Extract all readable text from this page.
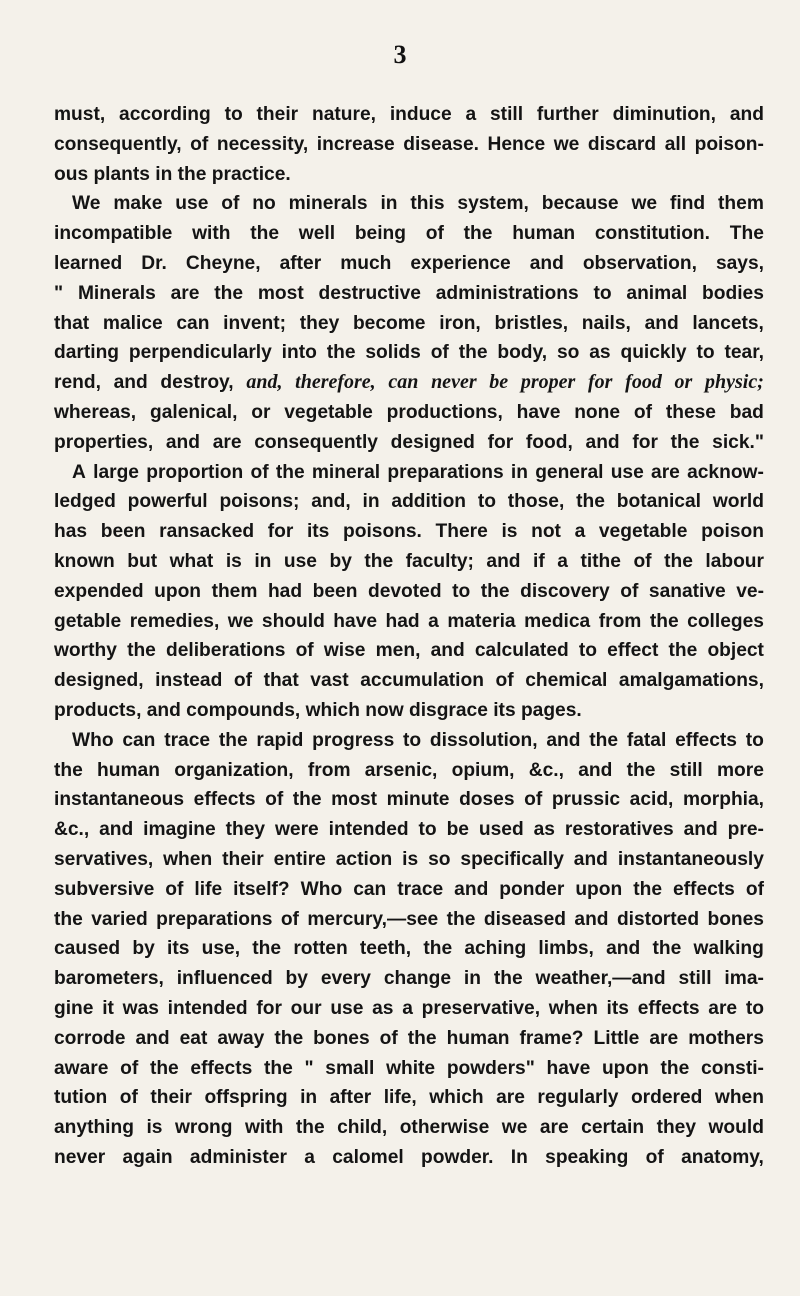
3
must, according to their nature, induce a still further diminution, and
consequently, of necessity, increase disease. Hence we discard all poison-
ous plants in the practice.
We make use of no minerals in this system, because we find them
incompatible with the well being of the human constitution. The
learned Dr. Cheyne, after much experience and observation, says,
" Minerals are the most destructive administrations to animal bodies
that malice can invent; they become iron, bristles, nails, and lancets,
darting perpendicularly into the solids of the body, so as quickly to tear,
rend, and destroy, and, therefore, can never be proper for food or physic;
whereas, galenical, or vegetable productions, have none of these bad
properties, and are consequently designed for food, and for the sick."
A large proportion of the mineral preparations in general use are acknow-
ledged powerful poisons; and, in addition to those, the botanical world
has been ransacked for its poisons. There is not a vegetable poison
known but what is in use by the faculty; and if a tithe of the labour
expended upon them had been devoted to the discovery of sanative ve-
getable remedies, we should have had a materia medica from the colleges
worthy the deliberations of wise men, and calculated to effect the object
designed, instead of that vast accumulation of chemical amalgamations,
products, and compounds, which now disgrace its pages.
Who can trace the rapid progress to dissolution, and the fatal effects to
the human organization, from arsenic, opium, &c., and the still more
instantaneous effects of the most minute doses of prussic acid, morphia,
&c., and imagine they were intended to be used as restoratives and pre-
servatives, when their entire action is so specifically and instantaneously
subversive of life itself? Who can trace and ponder upon the effects of
the varied preparations of mercury,—see the diseased and distorted bones
caused by its use, the rotten teeth, the aching limbs, and the walking
barometers, influenced by every change in the weather,—and still ima-
gine it was intended for our use as a preservative, when its effects are to
corrode and eat away the bones of the human frame? Little are mothers
aware of the effects the " small white powders" have upon the consti-
tution of their offspring in after life, which are regularly ordered when
anything is wrong with the child, otherwise we are certain they would
never again administer a calomel powder. In speaking of anatomy,
